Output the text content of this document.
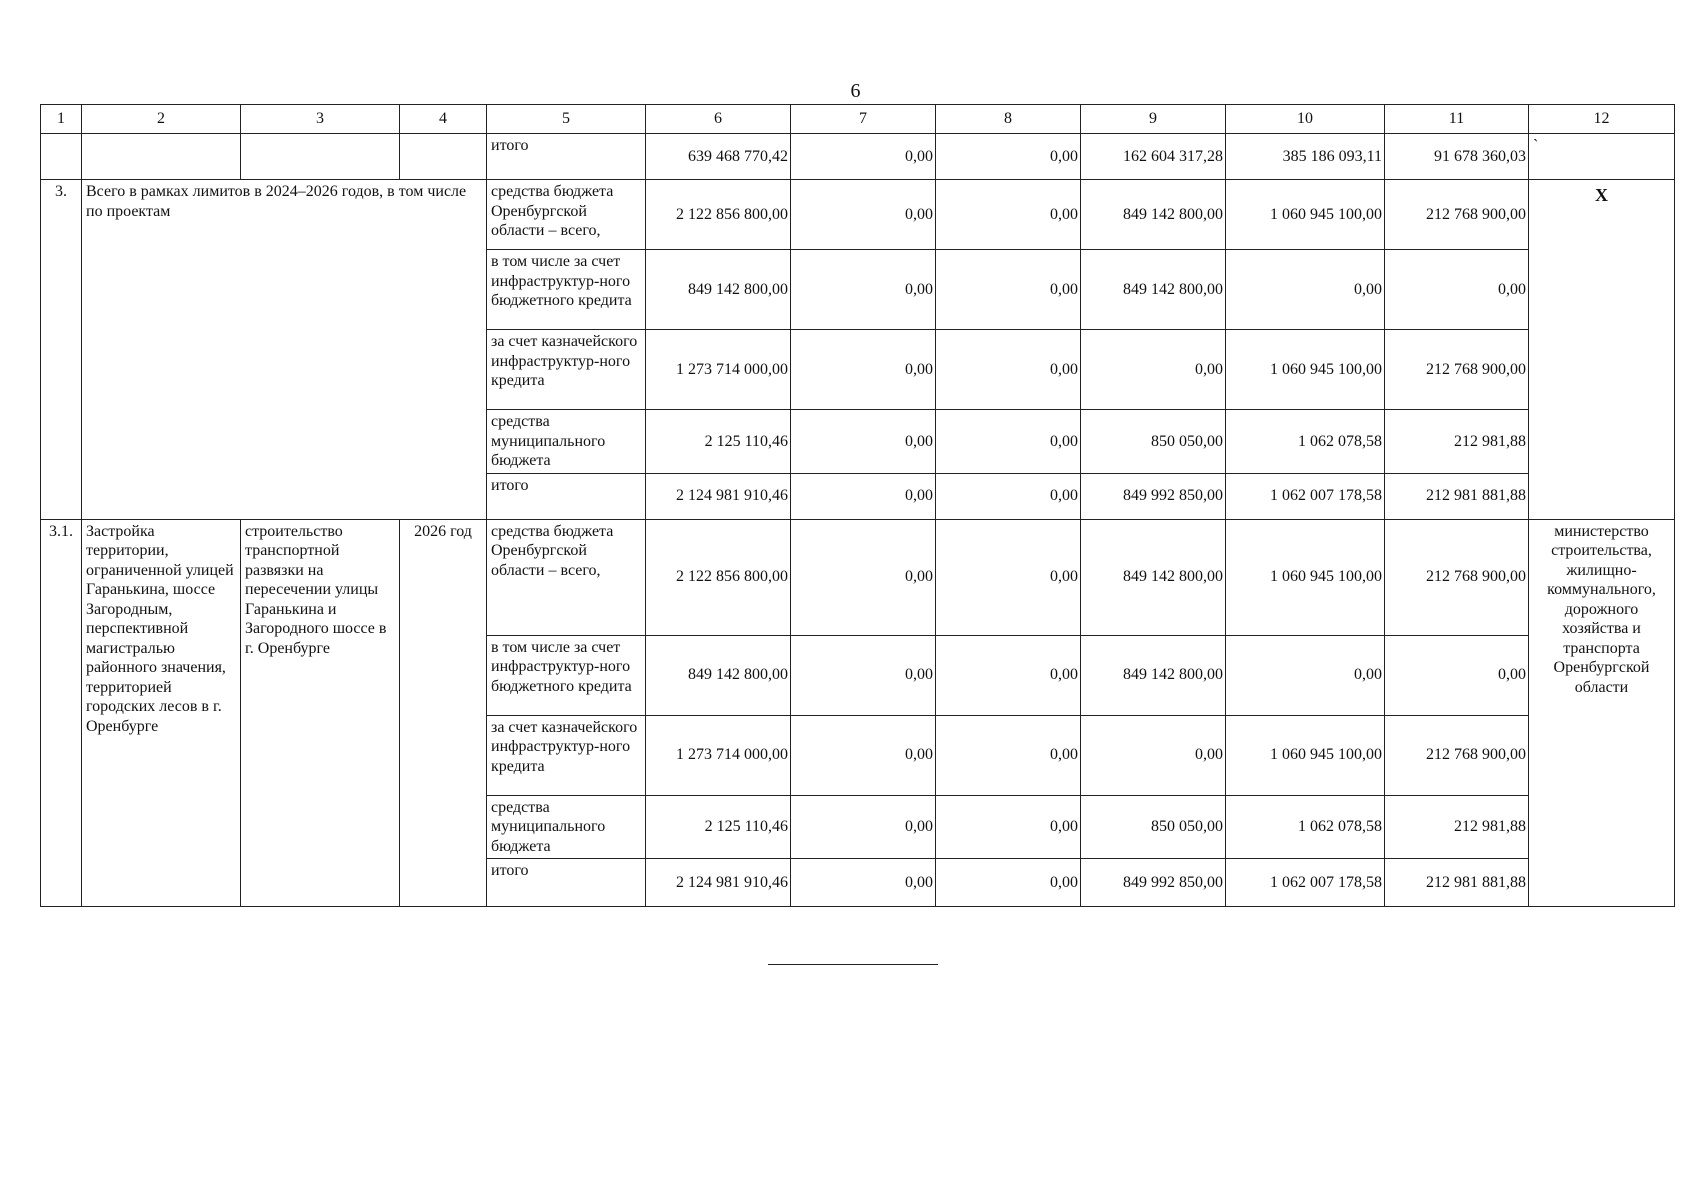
6
1	2	3	4	5	6	7	8	9	10	11	12
				итого	639 468 770,42	0,00	0,00	162 604 317,28	385 186 093,11	91 678 360,03	`
3.	Всего в рамках лимитов в 2024–2026 годов, в том числе по проектам			средства бюджета Оренбургской области – всего,	2 122 856 800,00	0,00	0,00	849 142 800,00	1 060 945 100,00	212 768 900,00	Х

				в том числе за счет инфраструктур-ного бюджетного кредита	849 142 800,00	0,00	0,00	849 142 800,00	0,00	0,00	
				за счет казначейского инфраструктур-ного кредита	1 273 714 000,00	0,00	0,00	0,00	1 060 945 100,00	212 768 900,00	
				средства муниципального бюджета	2 125 110,46	0,00	0,00	850 050,00	1 062 078,58	212 981,88	
				итого	2 124 981 910,46	0,00	0,00	849 992 850,00	1 062 007 178,58	212 981 881,88	
3.1.	Застройка территории, ограниченной улицей Гаранькина, шоссе Загородным, перспективной магистралью районного значения, территорией городских лесов в г. Оренбурге	строительство транспортной развязки на пересечении улицы Гаранькина и Загородного шоссе в г. Оренбурге	2026 год	средства бюджета Оренбургской области – всего,	2 122 856 800,00	0,00	0,00	849 142 800,00	1 060 945 100,00	212 768 900,00	министерство строительства, жилищно-коммунального, дорожного хозяйства и транспорта Оренбургской области
				в том числе за счет инфраструктур-ного бюджетного кредита	849 142 800,00	0,00	0,00	849 142 800,00	0,00	0,00	
				за счет казначейского инфраструктур-ного кредита	1 273 714 000,00	0,00	0,00	0,00	1 060 945 100,00	212 768 900,00	
				средства муниципального бюджета	2 125 110,46	0,00	0,00	850 050,00	1 062 078,58	212 981,88	
				итого	2 124 981 910,46	0,00	0,00	849 992 850,00	1 062 007 178,58	212 981 881,88	
